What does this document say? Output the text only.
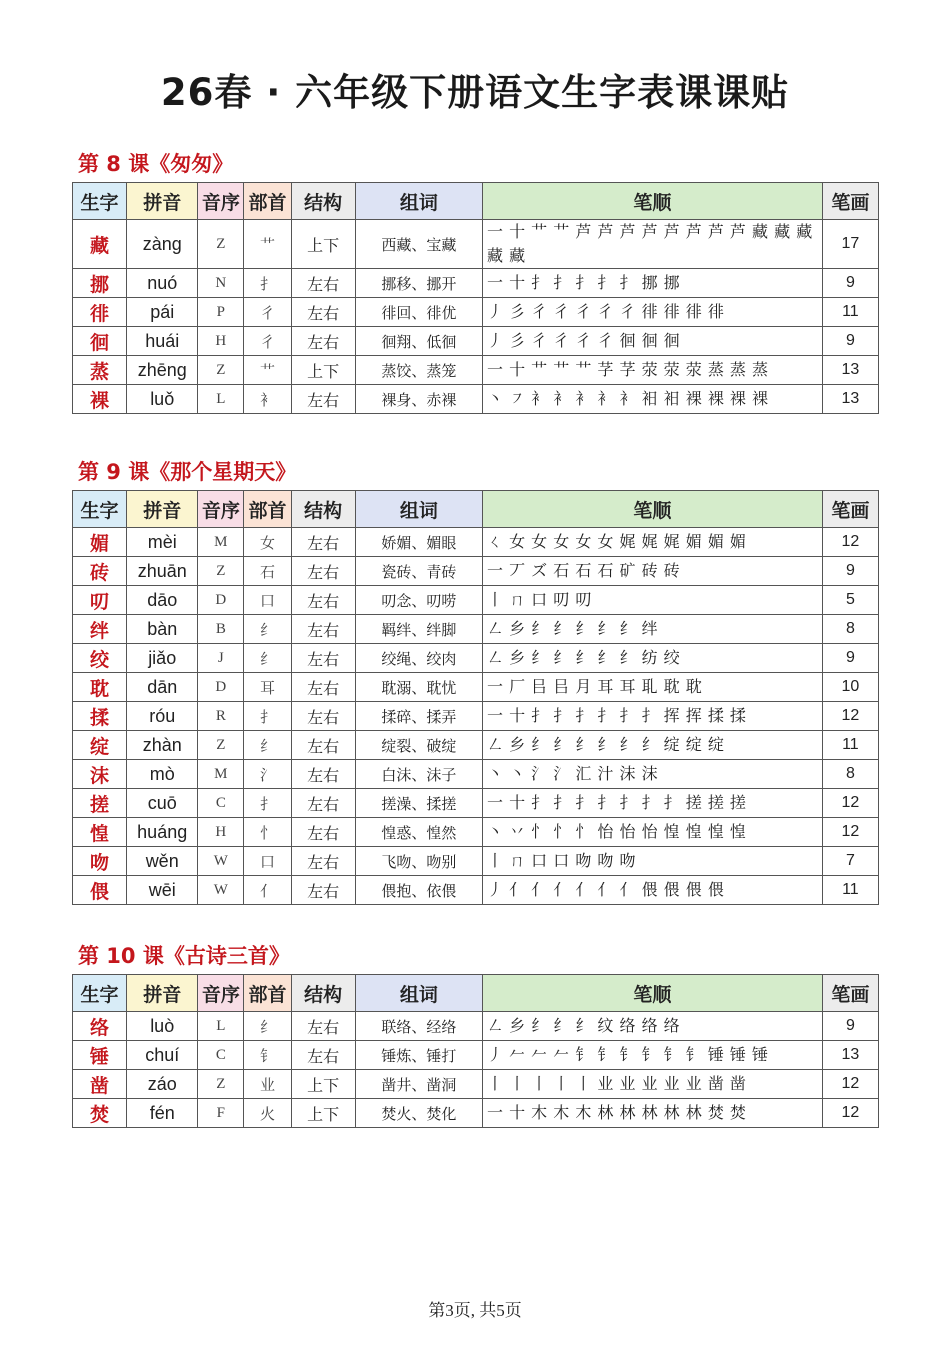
26春 · 六年级下册语文生字表课课贴
第 8 课《匆匆》
生字	拼音	音序	部首	结构	组词	笔顺	笔画
藏	zàng	Z	艹	上下	西藏、宝藏	一 十 艹 艹 芦 芦 芦 芦 芦 芦 芦 芦 藏 藏 藏 藏 藏	17
挪	nuó	N	扌	左右	挪移、挪开	一 十 扌 扌 扌 扌 扌 挪 挪	9
徘	pái	P	彳	左右	徘回、徘优	丿 彡 彳 彳 彳 彳 彳 徘 徘 徘 徘	11
徊	huái	H	彳	左右	徊翔、低徊	丿 彡 彳 彳 彳 彳 徊 徊 徊	9
蒸	zhēng	Z	艹	上下	蒸饺、蒸笼	一 十 艹 艹 艹 芓 芓 荥 荥 荥 蒸 蒸 蒸	13
裸	luǒ	L	衤	左右	裸身、赤裸	丶 ㇇ 衤 衤 衤 衤 衤 衵 衵 裸 裸 裸 裸	13
第 9 课《那个星期天》
生字	拼音	音序	部首	结构	组词	笔顺	笔画
媚	mèi	M	女	左右	娇媚、媚眼	ㄑ 女 女 女 女 女 娓 娓 娓 媚 媚 媚	12
砖	zhuān	Z	石	左右	瓷砖、青砖	一 丆 ズ 石 石 石 矿 砖 砖	9
叨	dāo	D	口	左右	叨念、叨唠	丨 ㄇ 口 叨 叨	5
绊	bàn	B	纟	左右	羁绊、绊脚	㇜ 乡 纟 纟 纟 纟 纟 绊	8
绞	jiǎo	J	纟	左右	绞绳、绞肉	㇜ 乡 纟 纟 纟 纟 纟 纺 绞	9
耽	dān	D	耳	左右	耽溺、耽忧	一 厂 㠯 㠯 月 耳 耳 耴 耽 耽	10
揉	róu	R	扌	左右	揉碎、揉弄	一 十 扌 扌 扌 扌 扌 扌 挥 挥 揉 揉	12
绽	zhàn	Z	纟	左右	绽裂、破绽	㇜ 乡 纟 纟 纟 纟 纟 纟 绽 绽 绽	11
沫	mò	M	氵	左右	白沫、沫子	丶 丶 氵 氵 汇 汁 沫 沫	8
搓	cuō	C	扌	左右	搓澡、揉搓	一 十 扌 扌 扌 扌 扌 扌 扌 搓 搓 搓	12
惶	huáng	H	忄	左右	惶惑、惶然	丶 丷 忄 忄 忄 怡 怡 怡 惶 惶 惶 惶	12
吻	wěn	W	口	左右	飞吻、吻别	丨 ㄇ 口 口 吻 吻 吻	7
偎	wēi	W	亻	左右	偎抱、依偎	丿 亻 亻 亻 亻 亻 亻 偎 偎 偎 偎	11
第 10 课《古诗三首》
生字	拼音	音序	部首	结构	组词	笔顺	笔画
络	luò	L	纟	左右	联络、经络	㇜ 乡 纟 纟 纟 纹 络 络 络	9
锤	chuí	C	钅	左右	锤炼、锤打	丿 𠂉 𠂉 𠂉 钅 钅 钅 钅 钅 钅 锤 锤 锤	13
凿	záo	Z	业	上下	凿井、凿洞	丨 丨 丨 丨 丨 业 业 业 业 业 凿 凿	12
焚	fén	F	火	上下	焚火、焚化	一 十 木 木 木 林 林 林 林 林 焚 焚	12
第3页, 共5页
